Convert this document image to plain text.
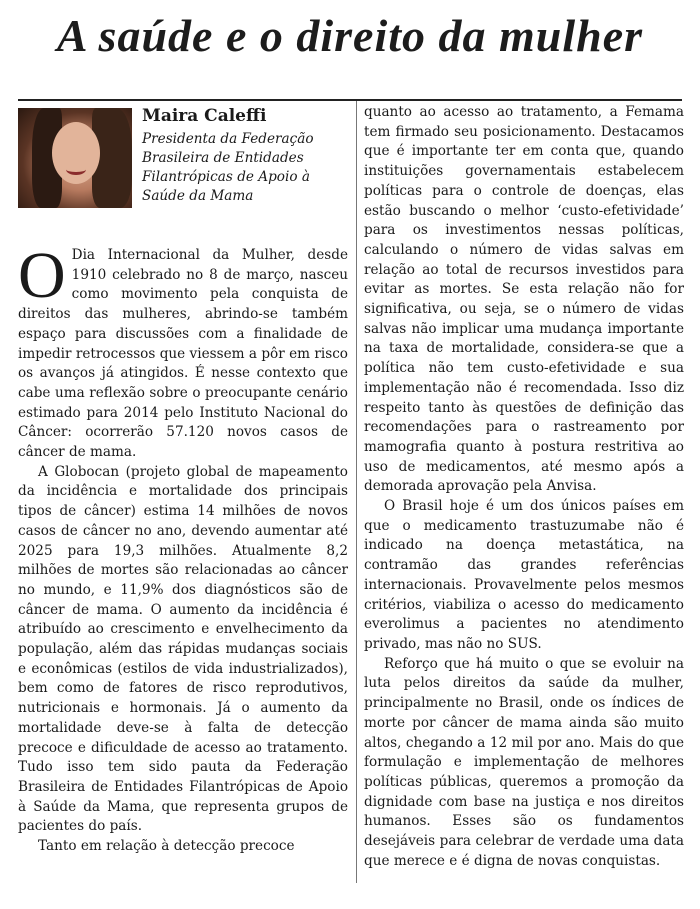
A saúde e o direito da mulher
Maira Caleffi
Presidenta da Federação Brasileira de Entidades Filantrópicas de Apoio à Saúde da Mama

O Dia Internacional da Mulher, desde 1910 celebrado no 8 de março, nasceu como movimento pela conquista de direitos das mulheres, abrindo-se também espaço para discussões com a finalidade de impedir retrocessos que viessem a pôr em risco os avanços já atingidos. É nesse contexto que cabe uma reflexão sobre o preocupante cenário estimado para 2014 pelo Instituto Nacional do Câncer: ocorrerão 57.120 novos casos de câncer de mama.

A Globocan (projeto global de mapeamento da incidência e mortalidade dos principais tipos de câncer) estima 14 milhões de novos casos de câncer no ano, devendo aumentar até 2025 para 19,3 milhões. Atualmente 8,2 milhões de mortes são relacionadas ao câncer no mundo, e 11,9% dos diagnósticos são de câncer de mama. O aumento da incidência é atribuído ao crescimento e envelhecimento da população, além das rápidas mudanças sociais e econômicas (estilos de vida industrializados), bem como de fatores de risco reprodutivos, nutricionais e hormonais. Já o aumento da mortalidade deve-se à falta de detecção precoce e dificuldade de acesso ao tratamento. Tudo isso tem sido pauta da Federação Brasileira de Entidades Filantrópicas de Apoio à Saúde da Mama, que representa grupos de pacientes do país.

Tanto em relação à detecção precoce

quanto ao acesso ao tratamento, a Femama tem firmado seu posicionamento. Destacamos que é importante ter em conta que, quando instituições governamentais estabelecem políticas para o controle de doenças, elas estão buscando o melhor ‘custo-efetividade’ para os investimentos nessas políticas, calculando o número de vidas salvas em relação ao total de recursos investidos para evitar as mortes. Se esta relação não for significativa, ou seja, se o número de vidas salvas não implicar uma mudança importante na taxa de mortalidade, considera-se que a política não tem custo-efetividade e sua implementação não é recomendada. Isso diz respeito tanto às questões de definição das recomendações para o rastreamento por mamografia quanto à postura restritiva ao uso de medicamentos, até mesmo após a demorada aprovação pela Anvisa.

O Brasil hoje é um dos únicos países em que o medicamento trastuzumabe não é indicado na doença metastática, na contramão das grandes referências internacionais. Provavelmente pelos mesmos critérios, viabiliza o acesso do medicamento everolimus a pacientes no atendimento privado, mas não no SUS.

Reforço que há muito o que se evoluir na luta pelos direitos da saúde da mulher, principalmente no Brasil, onde os índices de morte por câncer de mama ainda são muito altos, chegando a 12 mil por ano. Mais do que formulação e implementação de melhores políticas públicas, queremos a promoção da dignidade com base na justiça e nos direitos humanos. Esses são os fundamentos desejáveis para celebrar de verdade uma data que merece e é digna de novas conquistas.
